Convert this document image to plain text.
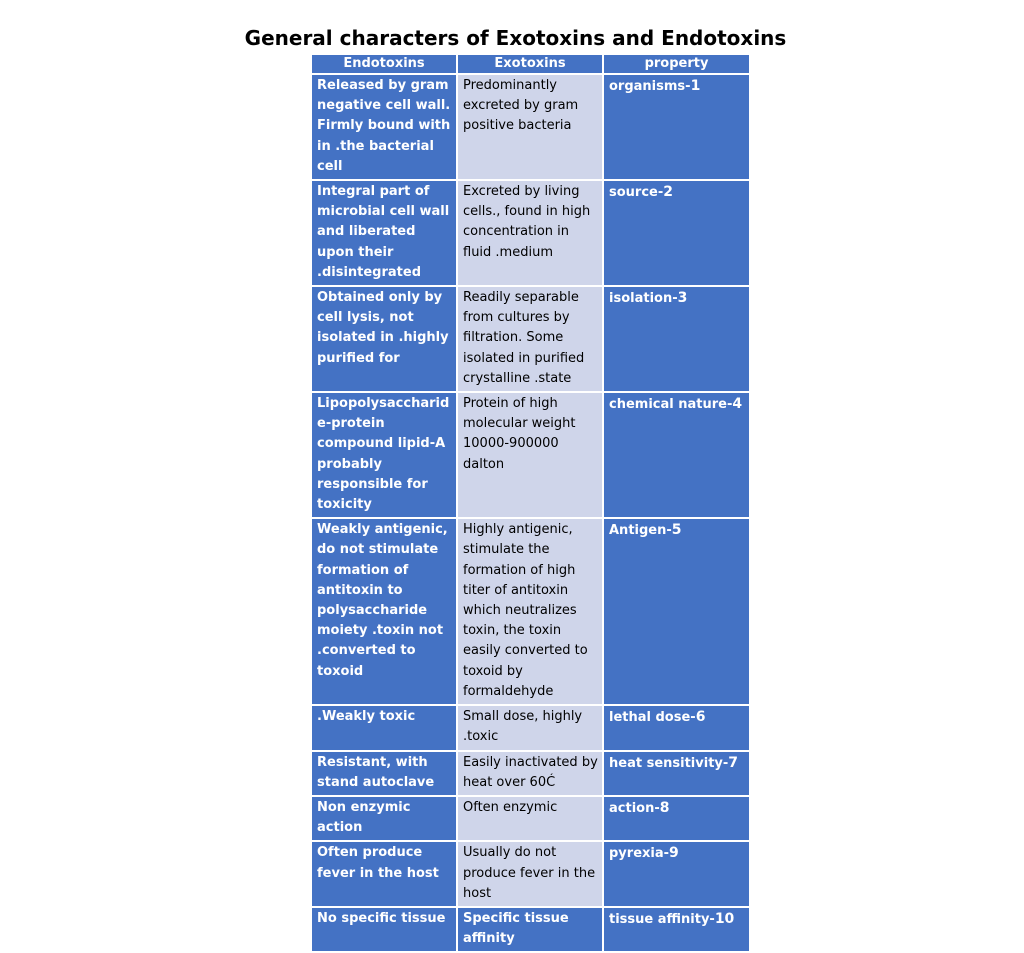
General characters of Exotoxins and Endotoxins
Endotoxins	Exotoxins	property
Released by gram negative cell wall. Firmly bound with in .the bacterial cell	Predominantly excreted by gram positive bacteria	organisms-1
Integral part of microbial cell wall and liberated upon their .disintegrated	Excreted by living cells., found in high concentration in fluid .medium	source-2
Obtained only by cell lysis, not isolated in .highly purified for	Readily separable from cultures by filtration. Some isolated in purified crystalline .state	isolation-3
Lipopolysaccharide-protein compound lipid-A probably responsible for toxicity	Protein of high molecular weight 10000-900000 dalton	chemical nature-4
Weakly antigenic, do not stimulate formation of antitoxin to polysaccharide moiety .toxin not .converted to toxoid	Highly antigenic, stimulate the formation of high titer of antitoxin which neutralizes toxin, the toxin easily converted to toxoid by formaldehyde	Antigen-5
.Weakly toxic	Small dose, highly .toxic	lethal dose-6
Resistant, with stand autoclave	Easily inactivated by heat over 60Ć	heat sensitivity-7
Non enzymic action	Often enzymic	action-8
Often produce fever in the host	Usually do not produce fever in the host	pyrexia-9
No specific tissue	Specific tissue affinity	tissue affinity-10
